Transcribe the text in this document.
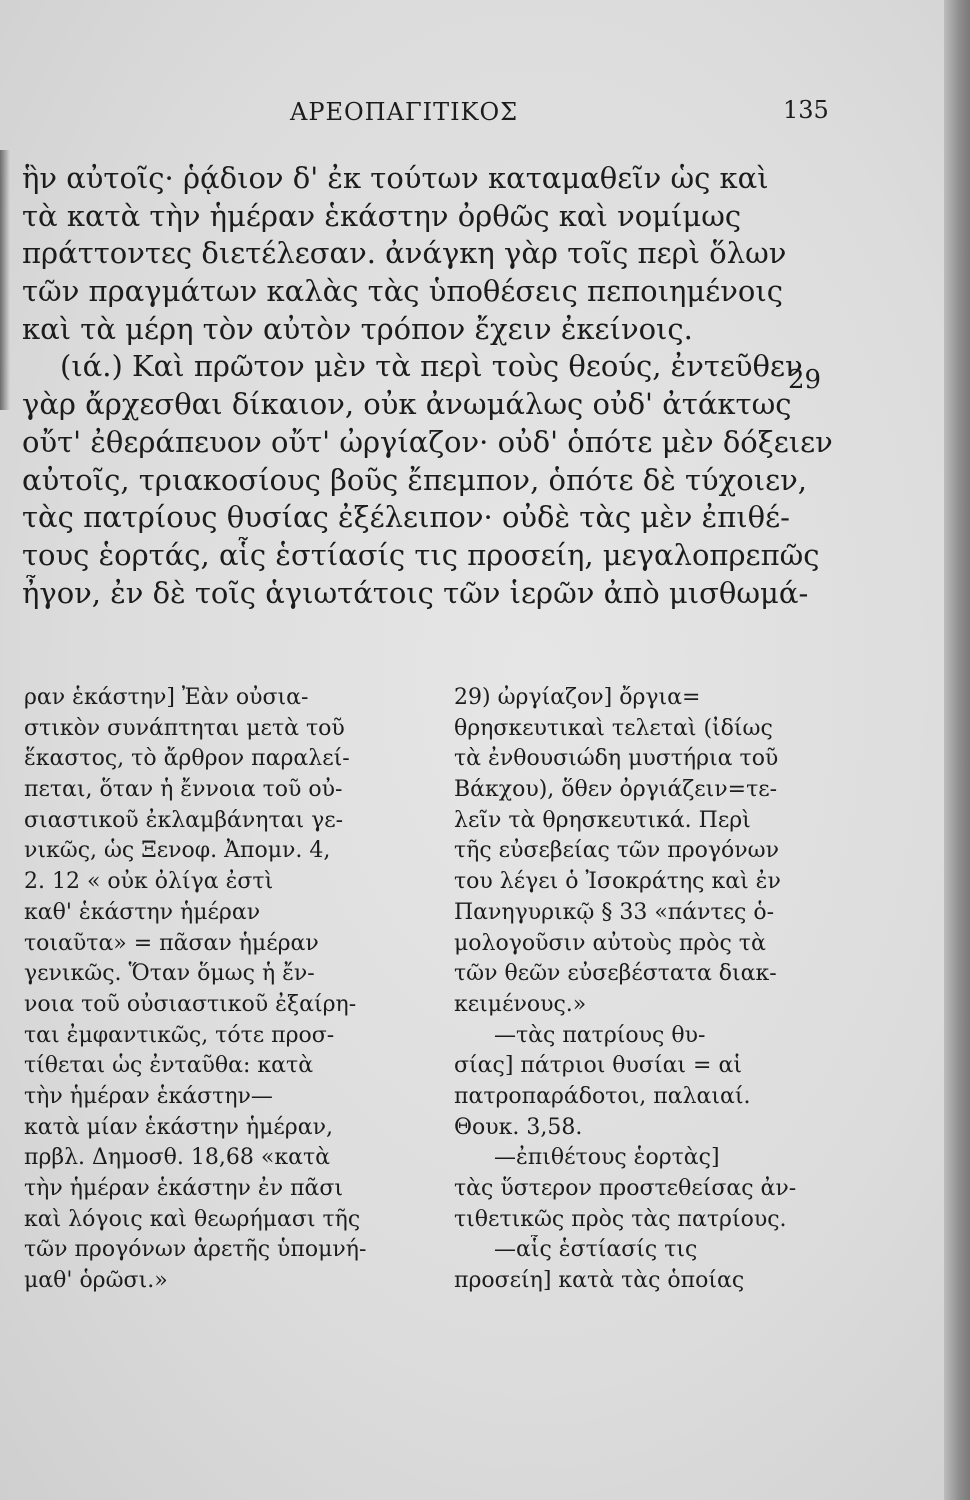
ΑΡΕΟΠΑΓΙΤΙΚΟΣ	135
ἣν αὐτοῖς· ῥᾴδιον δ' ἐκ τούτων καταμαθεῖν ὡς καὶ
τὰ κατὰ τὴν ἡμέραν ἑκάστην ὀρθῶς καὶ νομίμως
πράττοντες διετέλεσαν. ἀνάγκη γὰρ τοῖς περὶ ὅλων
τῶν πραγμάτων καλὰς τὰς ὑποθέσεις πεποιημένοις
καὶ τὰ μέρη τὸν αὐτὸν τρόπον ἔχειν ἐκείνοις.
(ιά.) Καὶ πρῶτον μὲν τὰ περὶ τοὺς θεούς, ἐντεῦθεν
γὰρ ἄρχεσθαι δίκαιον, οὐκ ἀνωμάλως οὐδ' ἀτάκτως
οὔτ' ἐθεράπευον οὔτ' ὠργίαζον· οὐδ' ὁπότε μὲν δόξειεν
αὐτοῖς, τριακοσίους βοῦς ἔπεμπον, ὁπότε δὲ τύχοιεν,
τὰς πατρίους θυσίας ἐξέλειπον· οὐδὲ τὰς μὲν ἐπιθέ-
τους ἑορτάς, αἷς ἑστίασίς τις προσείη, μεγαλοπρεπῶς
ἦγον, ἐν δὲ τοῖς ἁγιωτάτοις τῶν ἱερῶν ἀπὸ μισθωμά-
29
ραν ἑκάστην] Ἐὰν οὐσια-
στικὸν συνάπτηται μετὰ τοῦ
ἕκαστος, τὸ ἄρθρον παραλεί-
πεται, ὅταν ἡ ἔννοια τοῦ οὐ-
σιαστικοῦ ἐκλαμβάνηται γε-
νικῶς, ὡς Ξενοφ. Ἀπομν. 4,
2. 12 « οὐκ ὀλίγα ἐστὶ
καθ' ἑκάστην ἡμέραν
τοιαῦτα» = πᾶσαν ἡμέραν
γενικῶς. Ὅταν ὅμως ἡ ἔν-
νοια τοῦ οὐσιαστικοῦ ἐξαίρη-
ται ἐμφαντικῶς, τότε προσ-
τίθεται ὡς ἐνταῦθα: κατὰ
τὴν ἡμέραν ἑκάστην—
κατὰ μίαν ἑκάστην ἡμέραν,
πρβλ. Δημοσθ. 18,68 «κατὰ
τὴν ἡμέραν ἑκάστην ἐν πᾶσι
καὶ λόγοις καὶ θεωρήμασι τῆς
τῶν προγόνων ἀρετῆς ὑπομνή-
μαθ' ὁρῶσι.»
29) ὠργίαζον] ὄργια=
θρησκευτικαὶ τελεταὶ (ἰδίως
τὰ ἐνθουσιώδη μυστήρια τοῦ
Βάκχου), ὅθεν ὀργιάζειν=τε-
λεῖν τὰ θρησκευτικά. Περὶ
τῆς εὐσεβείας τῶν προγόνων
του λέγει ὁ Ἰσοκράτης καὶ ἐν
Πανηγυρικῷ § 33 «πάντες ὁ-
μολογοῦσιν αὐτοὺς πρὸς τὰ
τῶν θεῶν εὐσεβέστατα διακ-
κειμένους.»
—τὰς πατρίους θυ-
σίας] πάτριοι θυσίαι = αἱ
πατροπαράδοτοι, παλαιαί.
Θουκ. 3,58.
—ἐπιθέτους ἑορτὰς]
τὰς ὕστερον προστεθείσας ἀν-
τιθετικῶς πρὸς τὰς πατρίους.
—αἷς ἑστίασίς τις
προσείη] κατὰ τὰς ὁποίας
